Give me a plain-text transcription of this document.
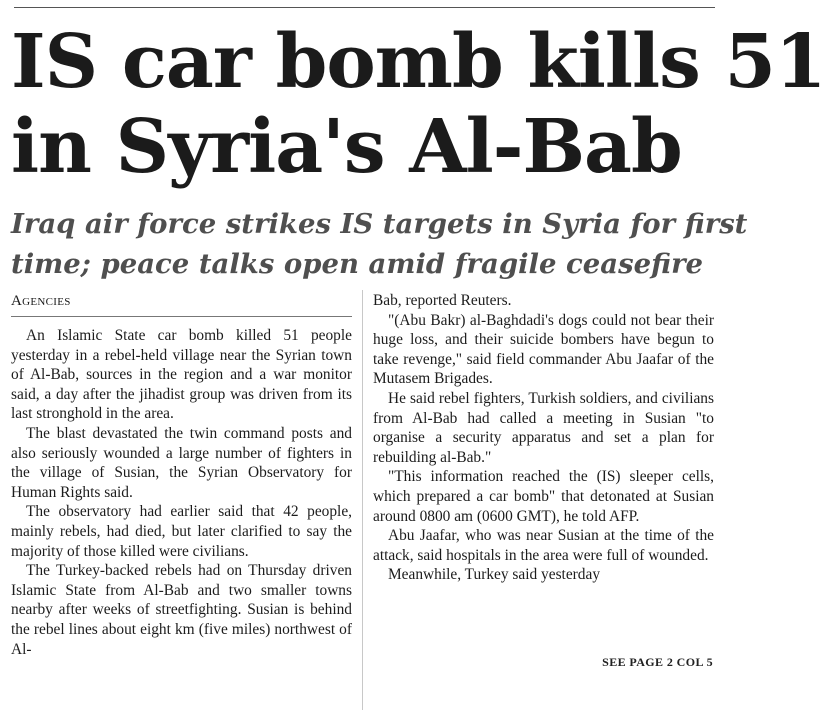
IS car bomb kills 51
in Syria's Al-Bab
Iraq air force strikes IS targets in Syria for first
time; peace talks open amid fragile ceasefire

Agencies

An Islamic State car bomb killed 51 people yesterday in a rebel-held village near the Syrian town of Al-Bab, sources in the region and a war monitor said, a day after the jihadist group was driven from its last stronghold in the area.

The blast devastated the twin command posts and also seriously wounded a large number of fighters in the village of Susian, the Syrian Observatory for Human Rights said.

The observatory had earlier said that 42 people, mainly rebels, had died, but later clarified to say the majority of those killed were civilians.

The Turkey-backed rebels had on Thursday driven Islamic State from Al-Bab and two smaller towns nearby after weeks of streetfighting. Susian is behind the rebel lines about eight km (five miles) northwest of Al-

Bab, reported Reuters.

"(Abu Bakr) al-Baghdadi's dogs could not bear their huge loss, and their suicide bombers have begun to take revenge," said field commander Abu Jaafar of the Mutasem Brigades.

He said rebel fighters, Turkish soldiers, and civilians from Al-Bab had called a meeting in Susian "to organise a security apparatus and set a plan for rebuilding al-Bab."

"This information reached the (IS) sleeper cells, which prepared a car bomb" that detonated at Susian around 0800 am (0600 GMT), he told AFP.

Abu Jaafar, who was near Susian at the time of the attack, said hospitals in the area were full of wounded.

Meanwhile, Turkey said yesterday

SEE PAGE 2 COL 5
